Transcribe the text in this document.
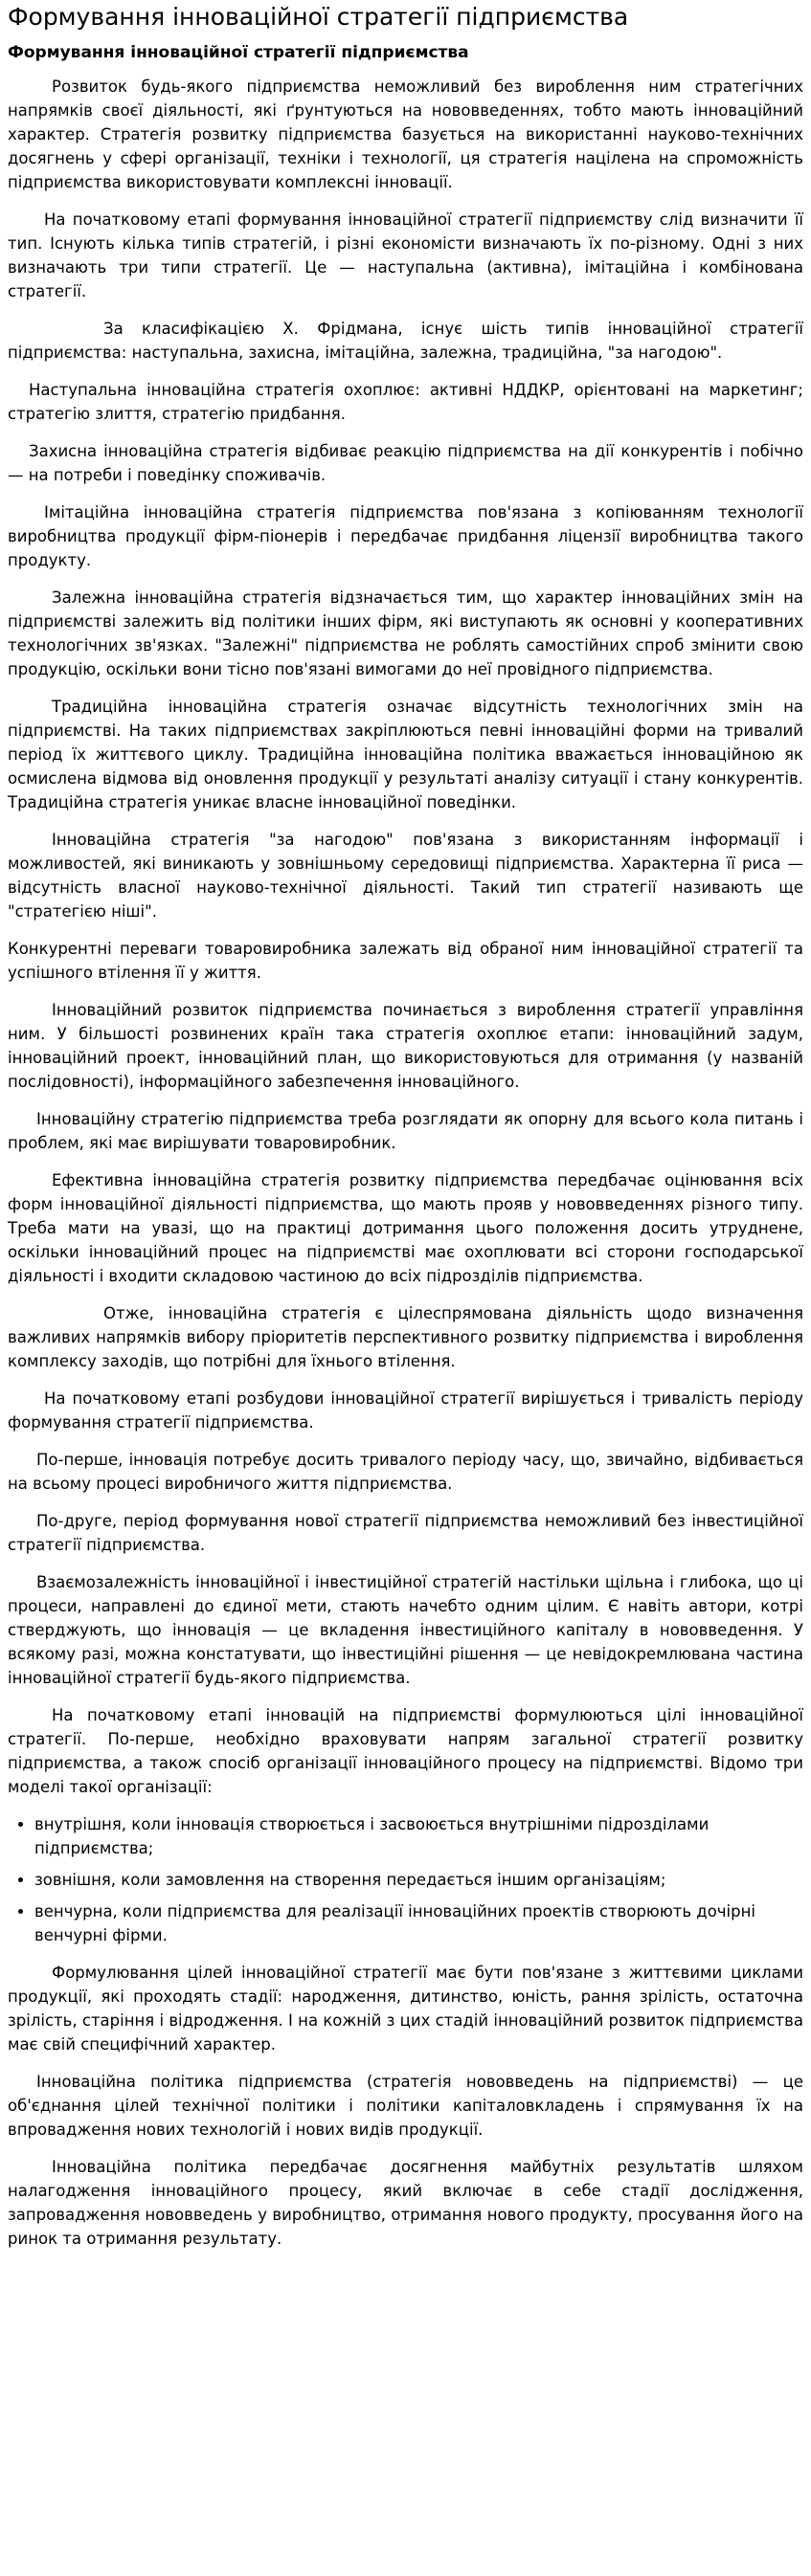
Формування інноваційної стратегії підприємства
Формування інноваційної стратегії підприємства

Розвиток будь-якого підприємства неможливий без вироблення ним стратегічних напрямків своєї діяльності, які ґрунтуються на нововведеннях, тобто мають інноваційний характер. Стратегія розвитку підприємства базується на використанні науково-технічних досягнень у сфері організації, техніки і технології, ця стратегія націлена на спроможність підприємства використовувати комплексні інновації.

На початковому етапі формування інноваційної стратегії підприємству слід визначити її тип. Існують кілька типів стратегій, і різні економісти визначають їх по-різному. Одні з них визначають три типи стратегії. Це — наступальна (активна), імітаційна і комбінована стратегії.

За класифікацією Х. Фрідмана, існує шість типів інноваційної стратегії підприємства: наступальна, захисна, імітаційна, залежна, традиційна, "за нагодою".

Наступальна інноваційна стратегія охоплює: активні НДДКР, орієнтовані на маркетинг; стратегію злиття, стратегію придбання.

Захисна інноваційна стратегія відбиває реакцію підприємства на дії конкурентів і побічно — на потреби і поведінку споживачів.

Імітаційна інноваційна стратегія підприємства пов'язана з копіюванням технології виробництва продукції фірм-піонерів і передбачає придбання ліцензії виробництва такого продукту.

Залежна інноваційна стратегія відзначається тим, що характер інноваційних змін на підприємстві залежить від політики інших фірм, які виступають як основні у кооперативних технологічних зв'язках. "Залежні" підприємства не роблять самостійних спроб змінити свою продукцію, оскільки вони тісно пов'язані вимогами до неї провідного підприємства.

Традиційна інноваційна стратегія означає відсутність технологічних змін на підприємстві. На таких підприємствах закріплюються певні інноваційні форми на тривалий період їх життєвого циклу. Традиційна інноваційна політика вважається інноваційною як осмислена відмова від оновлення продукції у результаті аналізу ситуації і стану конкурентів. Традиційна стратегія уникає власне інноваційної поведінки.

Інноваційна стратегія "за нагодою" пов'язана з використанням інформації і можливостей, які виникають у зовнішньому середовищі підприємства. Характерна її риса — відсутність власної науково-технічної діяльності. Такий тип стратегії називають ще "стратегією ніші".

Конкурентні переваги товаровиробника залежать від обраної ним інноваційної стратегії та успішного втілення її у життя.

Інноваційний розвиток підприємства починається з вироблення стратегії управління ним. У більшості розвинених країн така стратегія охоплює етапи: інноваційний задум, інноваційний проект, інноваційний план, що використовуються для отримання (у названій послідовності), інформаційного забезпечення інноваційного.

Інноваційну стратегію підприємства треба розглядати як опорну для всього кола питань і проблем, які має вирішувати товаровиробник.

Ефективна інноваційна стратегія розвитку підприємства передбачає оцінювання всіх форм інноваційної діяльності підприємства, що мають прояв у нововведеннях різного типу. Треба мати на увазі, що на практиці дотримання цього положення досить утруднене, оскільки інноваційний процес на підприємстві має охоплювати всі сторони господарської діяльності і входити складовою частиною до всіх підрозділів підприємства.

Отже, інноваційна стратегія є цілеспрямована діяльність щодо визначення важливих напрямків вибору пріоритетів перспективного розвитку підприємства і вироблення комплексу заходів, що потрібні для їхнього втілення.

На початковому етапі розбудови інноваційної стратегії вирішується і тривалість періоду формування стратегії підприємства.

По-перше, інновація потребує досить тривалого періоду часу, що, звичайно, відбивається на всьому процесі виробничого життя підприємства.

По-друге, період формування нової стратегії підприємства неможливий без інвестиційної стратегії підприємства.

Взаємозалежність інноваційної і інвестиційної стратегій настільки щільна і глибока, що ці процеси, направлені до єдиної мети, стають начебто одним цілим. Є навіть автори, котрі стверджують, що інновація — це вкладення інвестиційного капіталу в нововведення. У всякому разі, можна констатувати, що інвестиційні рішення — це невідокремлювана частина інноваційної стратегії будь-якого підприємства.

На початковому етапі інновацій на підприємстві формулюються цілі інноваційної стратегії. По-перше, необхідно враховувати напрям загальної стратегії розвитку підприємства, а також спосіб організації інноваційного процесу на підприємстві. Відомо три моделі такої організації:

• внутрішня, коли інновація створюється і засвоюється внутрішніми підрозділами підприємства;
• зовнішня, коли замовлення на створення передається іншим організаціям;
• венчурна, коли підприємства для реалізації інноваційних проектів створюють дочірні венчурні фірми.

Формулювання цілей інноваційної стратегії має бути пов'язане з життєвими циклами продукції, які проходять стадії: народження, дитинство, юність, рання зрілість, остаточна зрілість, старіння і відродження. І на кожній з цих стадій інноваційний розвиток підприємства має свій специфічний характер.

Інноваційна політика підприємства (стратегія нововведень на підприємстві) — це об'єднання цілей технічної політики і політики капіталовкладень і спрямування їх на впровадження нових технологій і нових видів продукції.

Інноваційна політика передбачає досягнення майбутніх результатів шляхом налагодження інноваційного процесу, який включає в себе стадії дослідження, запровадження нововведень у виробництво, отримання нового продукту, просування його на ринок та отримання результату.
